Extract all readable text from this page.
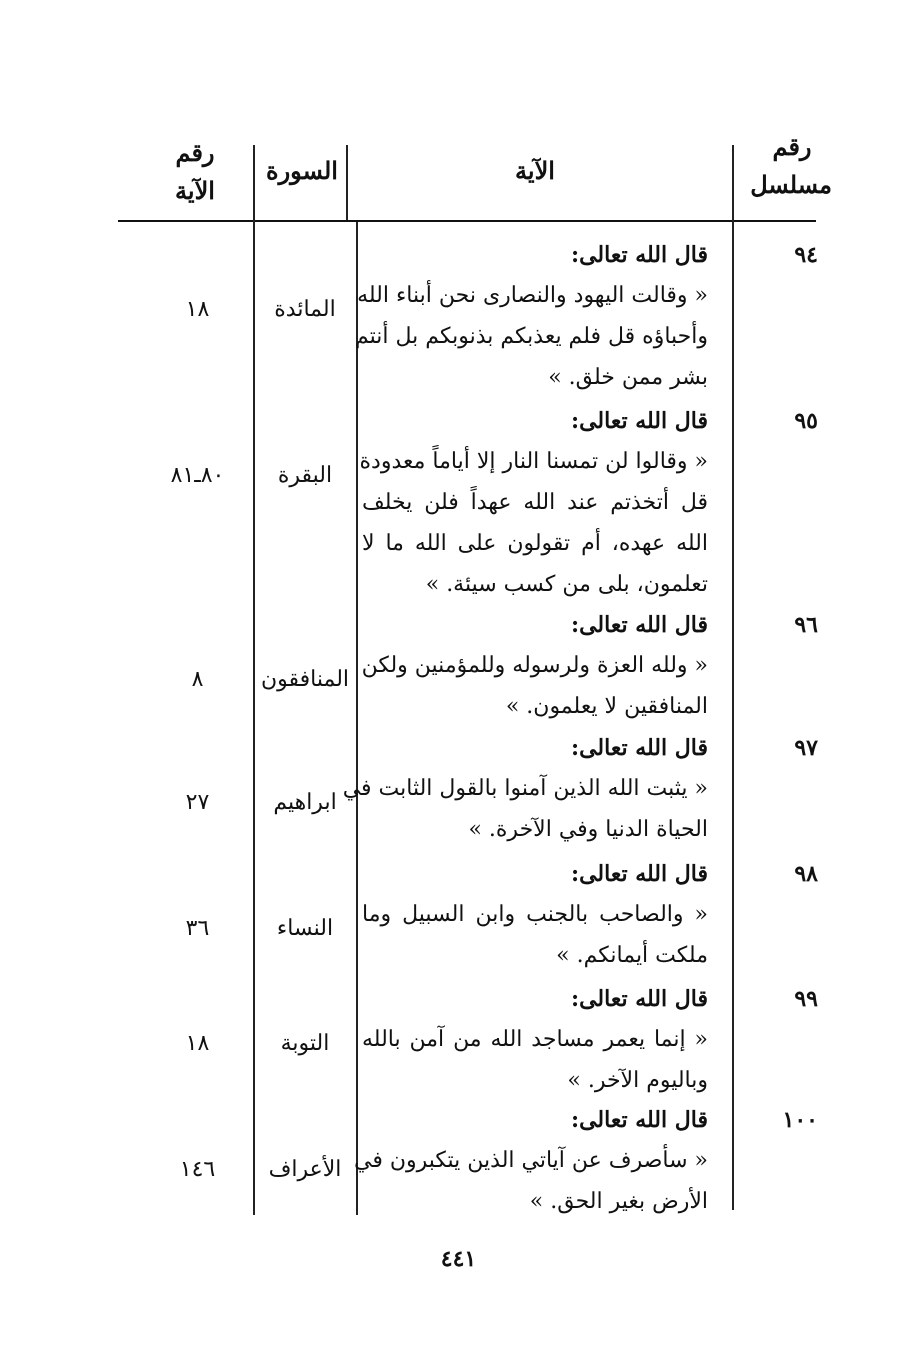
رقم
مسلسل
الآية
السورة
رقم
الآية
٩٤
قال الله تعالى:
« وقالت اليهود والنصارى نحن أبناء الله
وأحباؤه قل فلم يعذبكم بذنوبكم بل أنتم
بشر ممن خلق. »
المائدة
١٨
٩٥
قال الله تعالى:
« وقالوا لن تمسنا النار إلا أياماً معدودة
قل أتخذتم عند الله عهداً فلن يخلف
الله عهده، أم تقولون على الله ما لا
تعلمون، بلى من كسب سيئة. »
البقرة
٨٠ـ٨١
٩٦
قال الله تعالى:
« ولله العزة ولرسوله وللمؤمنين ولكن
المنافقين لا يعلمون. »
المنافقون
٨
٩٧
قال الله تعالى:
« يثبت الله الذين آمنوا بالقول الثابت في
الحياة الدنيا وفي الآخرة. »
ابراهيم
٢٧
٩٨
قال الله تعالى:
« والصاحب بالجنب وابن السبيل وما
ملكت أيمانكم. »
النساء
٣٦
٩٩
قال الله تعالى:
« إنما يعمر مساجد الله من آمن بالله
وباليوم الآخر. »
التوبة
١٨
١٠٠
قال الله تعالى:
« سأصرف عن آياتي الذين يتكبرون في
الأرض بغير الحق. »
الأعراف
١٤٦
٤٤١
